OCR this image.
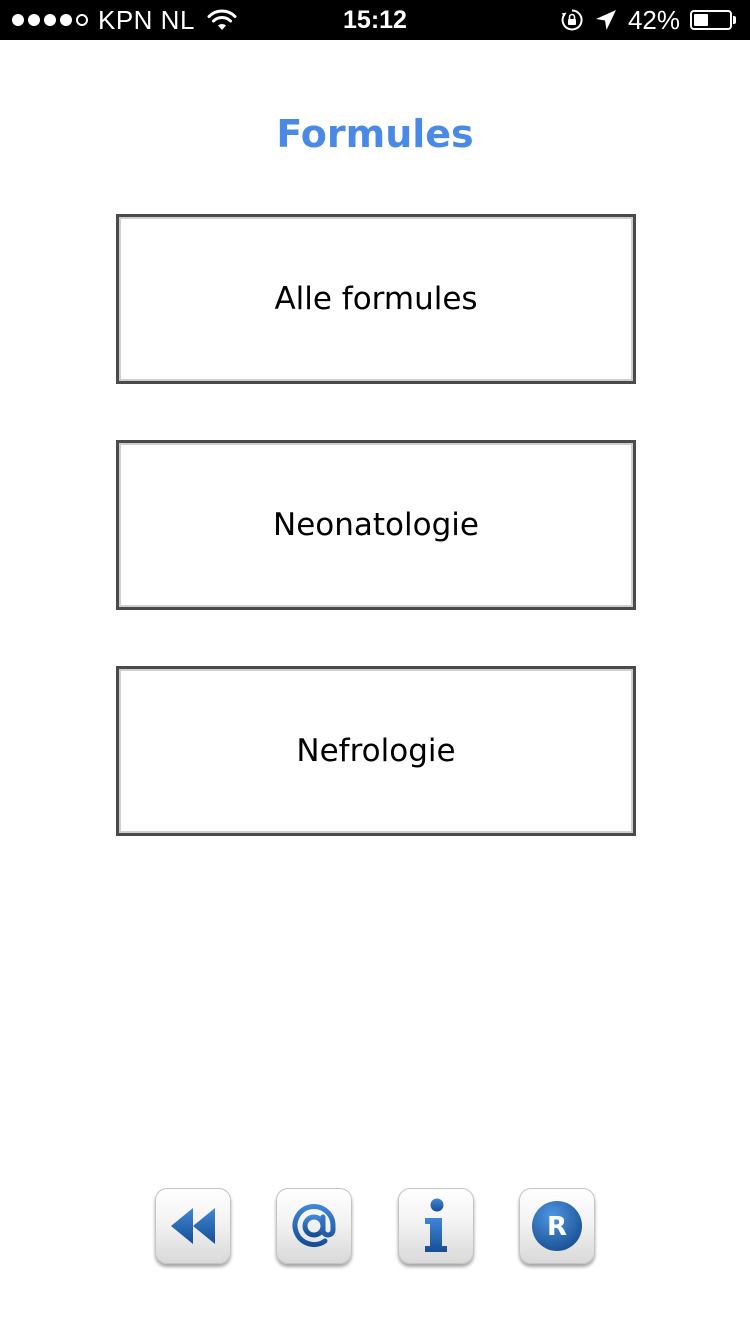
KPN NL	15:12	42%
Formules
Alle formules
Neonatologie
Nefrologie
R
